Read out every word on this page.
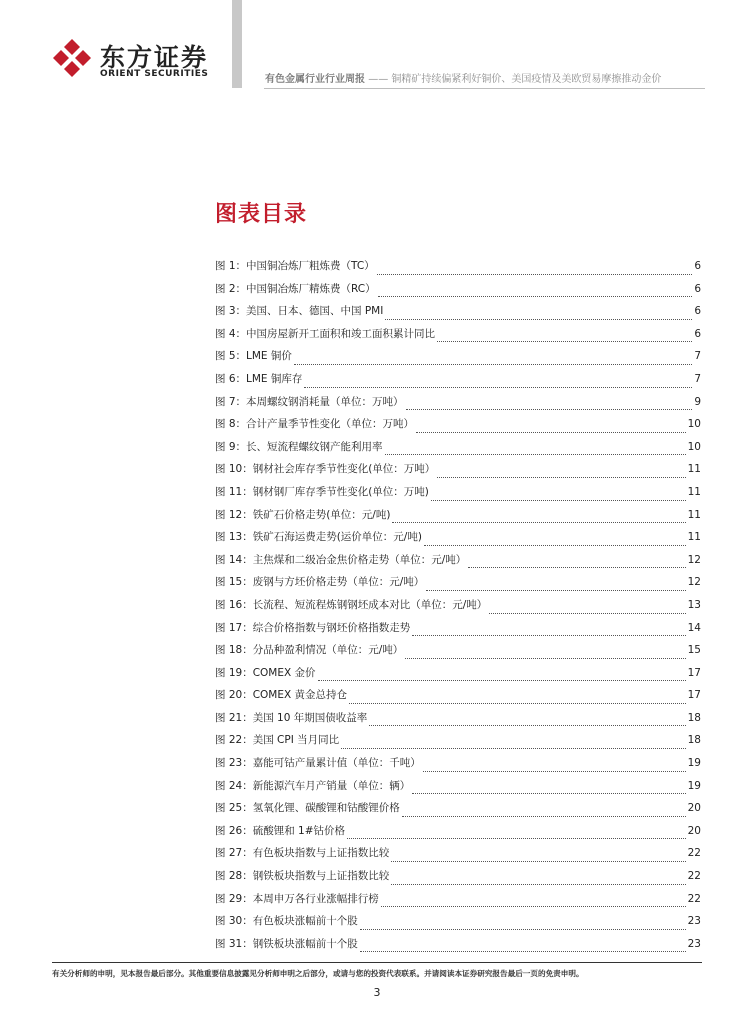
东方证券
ORIENT SECURITIES	有色金属行业行业周报 —— 铜精矿持续偏紧利好铜价、美国疫情及美欧贸易摩擦推动金价
图表目录
图 1：中国铜冶炼厂粗炼费（TC）	6
图 2：中国铜冶炼厂精炼费（RC）	6
图 3：美国、日本、德国、中国 PMI	6
图 4：中国房屋新开工面积和竣工面积累计同比	6
图 5：LME 铜价	7
图 6：LME 铜库存	7
图 7：本周螺纹钢消耗量（单位：万吨）	9
图 8：合计产量季节性变化（单位：万吨）	10
图 9：长、短流程螺纹钢产能利用率	10
图 10：钢材社会库存季节性变化(单位：万吨）	11
图 11：钢材钢厂库存季节性变化(单位：万吨)	11
图 12：铁矿石价格走势(单位：元/吨)	11
图 13：铁矿石海运费走势(运价单位：元/吨)	11
图 14：主焦煤和二级冶金焦价格走势（单位：元/吨）	12
图 15：废钢与方坯价格走势（单位：元/吨）	12
图 16：长流程、短流程炼钢钢坯成本对比（单位：元/吨）	13
图 17：综合价格指数与钢坯价格指数走势	14
图 18：分品种盈利情况（单位：元/吨）	15
图 19：COMEX 金价	17
图 20：COMEX 黄金总持仓	17
图 21：美国 10 年期国债收益率	18
图 22：美国 CPI 当月同比	18
图 23：嘉能可钴产量累计值（单位：千吨）	19
图 24：新能源汽车月产销量（单位：辆）	19
图 25：氢氧化锂、碳酸锂和钴酸锂价格	20
图 26：硫酸锂和 1#钴价格	20
图 27：有色板块指数与上证指数比较	22
图 28：钢铁板块指数与上证指数比较	22
图 29：本周申万各行业涨幅排行榜	22
图 30：有色板块涨幅前十个股	23
图 31：钢铁板块涨幅前十个股	23
有关分析师的申明，见本报告最后部分。其他重要信息披露见分析师申明之后部分，或请与您的投资代表联系。并请阅读本证券研究报告最后一页的免责申明。
3
